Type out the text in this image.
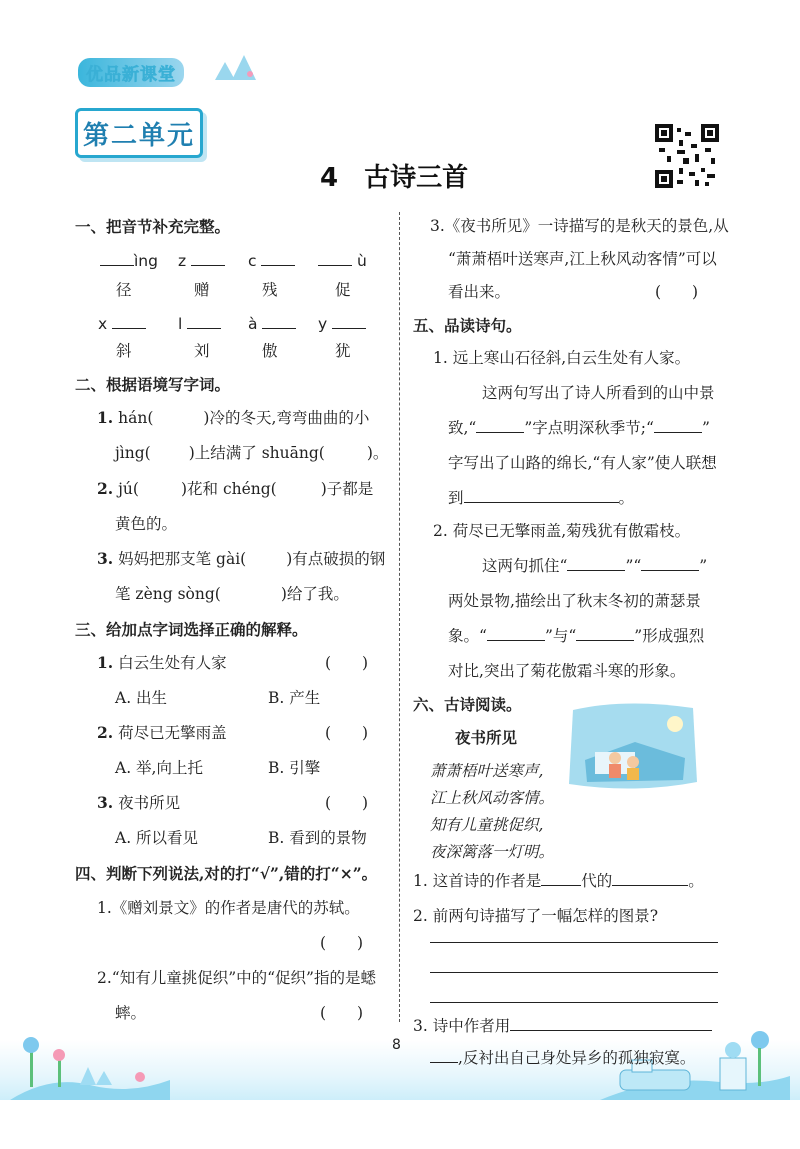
优品新课堂
第二单元
4　古诗三首
一、把音节补充完整。
ìng z	c	ù
径	赠	残	促
x	l	à	y
斜	刘	傲	犹
二、根据语境写字词。
1. hán(	)冷的冬天,弯弯曲曲的小
jìng( )上结满了 shuāng(	)。
2. jú(	)花和 chéng(	)子都是
黄色的。
3. 妈妈把那支笔 gài(	)有点破损的钢
笔 zèng sòng(	)给了我。
三、给加点字词选择正确的解释。
1. 白云生处有人家	(　　)
A. 出生	B. 产生
2. 荷尽已无擎雨盖	(　　)
A. 举,向上托	B. 引擎
3. 夜书所见	(　　)
A. 所以看见	B. 看到的景物
四、判断下列说法,对的打“√”,错的打“×”。
1.《赠刘景文》的作者是唐代的苏轼。
(　　)
2.“知有儿童挑促织”中的“促织”指的是蟋
蟀。	(　　)
3.《夜书所见》一诗描写的是秋天的景色,从
“萧萧梧叶送寒声,江上秋风动客情”可以
看出来。	(　　)
五、品读诗句。
1. 远上寒山石径斜,白云生处有人家。
这两句写出了诗人所看到的山中景
致,“	”字点明深秋季节;“	”
字写出了山路的绵长,“有人家”使人联想
到	。
2. 荷尽已无擎雨盖,菊残犹有傲霜枝。
这两句抓住“	”“	”
两处景物,描绘出了秋末冬初的萧瑟景
象。“	”与“	”形成强烈
对比,突出了菊花傲霜斗寒的形象。
六、古诗阅读。
夜书所见
萧萧梧叶送寒声,
江上秋风动客情。
知有儿童挑促织,
夜深篱落一灯明。
1. 这首诗的作者是	代的	。
2. 前两句诗描写了一幅怎样的图景?
3. 诗中作者用
8
,反衬出自己身处异乡的孤独寂寞。
